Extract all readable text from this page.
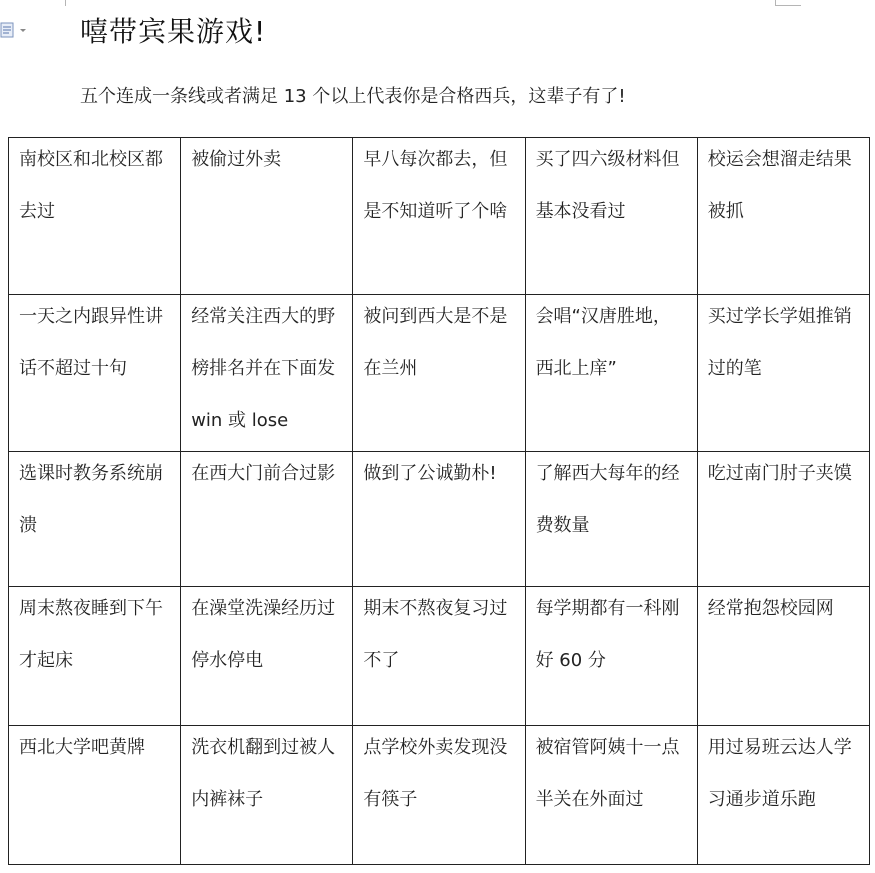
嘻带宾果游戏!

五个连成一条线或者满足 13 个以上代表你是合格西兵，这辈子有了!

南校区和北校区都去过	被偷过外卖	早八每次都去，但是不知道听了个啥	买了四六级材料但基本没看过	校运会想溜走结果被抓

一天之内跟异性讲话不超过十句	经常关注西大的野榜排名并在下面发 win 或 lose	被问到西大是不是在兰州	会唱“汉唐胜地，西北上庠”	买过学长学姐推销过的笔

选课时教务系统崩溃	在西大门前合过影	做到了公诚勤朴!	了解西大每年的经费数量	吃过南门肘子夹馍

周末熬夜睡到下午才起床	在澡堂洗澡经历过停水停电	期末不熬夜复习过不了	每学期都有一科刚好 60 分	经常抱怨校园网

西北大学吧黄牌	洗衣机翻到过被人内裤袜子	点学校外卖发现没有筷子	被宿管阿姨十一点半关在外面过	用过易班云达人学习通步道乐跑
